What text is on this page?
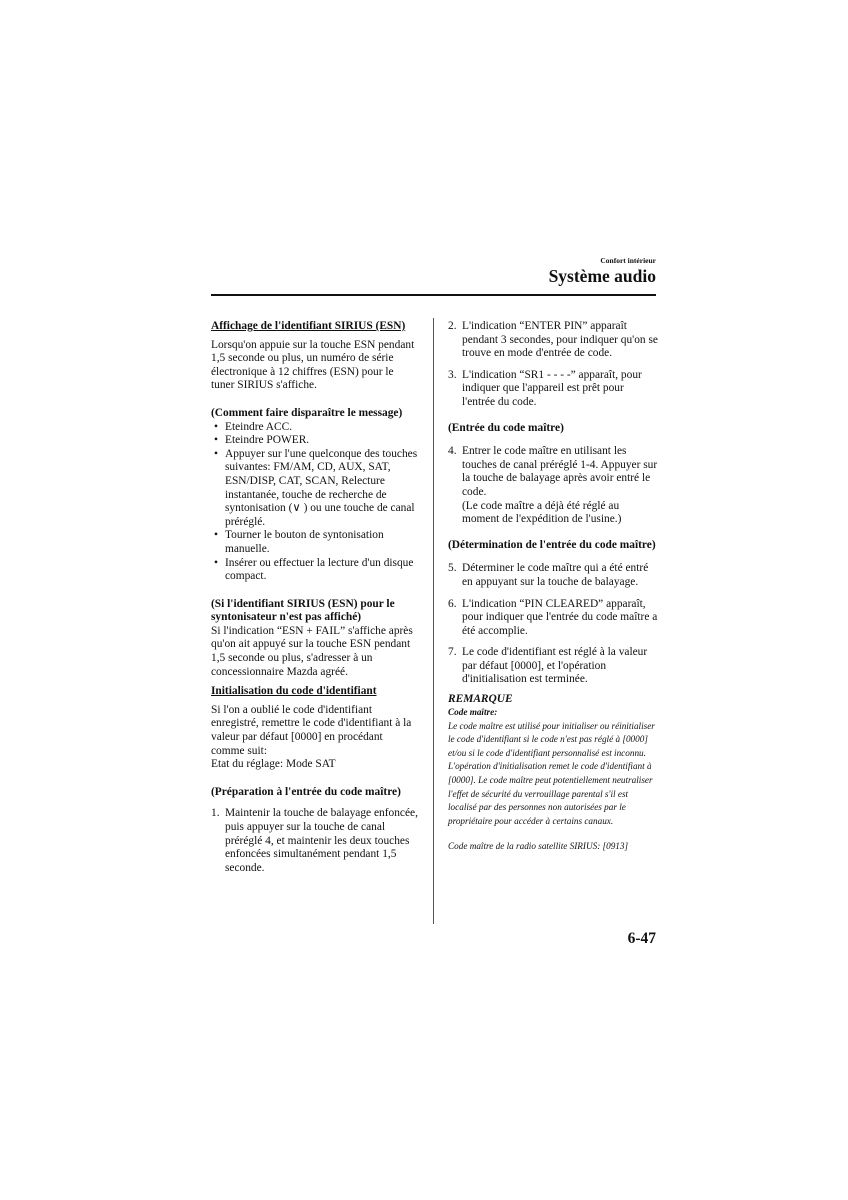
Confort intérieur
Système audio

Affichage de l'identifiant SIRIUS (ESN)

Lorsqu'on appuie sur la touche ESN pendant 1,5 seconde ou plus, un numéro de série électronique à 12 chiffres (ESN) pour le tuner SIRIUS s'affiche.

(Comment faire disparaître le message)

• Eteindre ACC.
• Eteindre POWER.
• Appuyer sur l'une quelconque des touches suivantes: FM/AM, CD, AUX, SAT, ESN/DISP, CAT, SCAN, Relecture instantanée, touche de recherche de syntonisation (∨ ) ou une touche de canal préréglé.
• Tourner le bouton de syntonisation manuelle.
• Insérer ou effectuer la lecture d'un disque compact.

(Si l'identifiant SIRIUS (ESN) pour le syntonisateur n'est pas affiché)

Si l'indication “ESN + FAIL” s'affiche après qu'on ait appuyé sur la touche ESN pendant 1,5 seconde ou plus, s'adresser à un concessionnaire Mazda agréé.

Initialisation du code d'identifiant

Si l'on a oublié le code d'identifiant enregistré, remettre le code d'identifiant à la valeur par défaut [0000] en procédant comme suit:

Etat du réglage: Mode SAT

(Préparation à l'entrée du code maître)

1. Maintenir la touche de balayage enfoncée, puis appuyer sur la touche de canal préréglé 4, et maintenir les deux touches enfoncées simultanément pendant 1,5 seconde.
2. L'indication “ENTER PIN” apparaît pendant 3 secondes, pour indiquer qu'on se trouve en mode d'entrée de code.
3. L'indication “SR1 - - - -” apparaît, pour indiquer que l'appareil est prêt pour l'entrée du code.

(Entrée du code maître)

4. Entrer le code maître en utilisant les touches de canal préréglé 1-4. Appuyer sur la touche de balayage après avoir entré le code.

(Le code maître a déjà été réglé au moment de l'expédition de l'usine.)

(Détermination de l'entrée du code maître)

5. Déterminer le code maître qui a été entré en appuyant sur la touche de balayage.
6. L'indication “PIN CLEARED” apparaît, pour indiquer que l'entrée du code maître a été accomplie.
7. Le code d'identifiant est réglé à la valeur par défaut [0000], et l'opération d'initialisation est terminée.

REMARQUE

Code maître:

Le code maître est utilisé pour initialiser ou réinitialiser le code d'identifiant si le code n'est pas réglé à [0000] et/ou si le code d'identifiant personnalisé est inconnu. L'opération d'initialisation remet le code d'identifiant à [0000]. Le code maître peut potentiellement neutraliser l'effet de sécurité du verrouillage parental s'il est localisé par des personnes non autorisées par le propriétaire pour accéder à certains canaux.

Code maître de la radio satellite SIRIUS: [0913]

6-47
